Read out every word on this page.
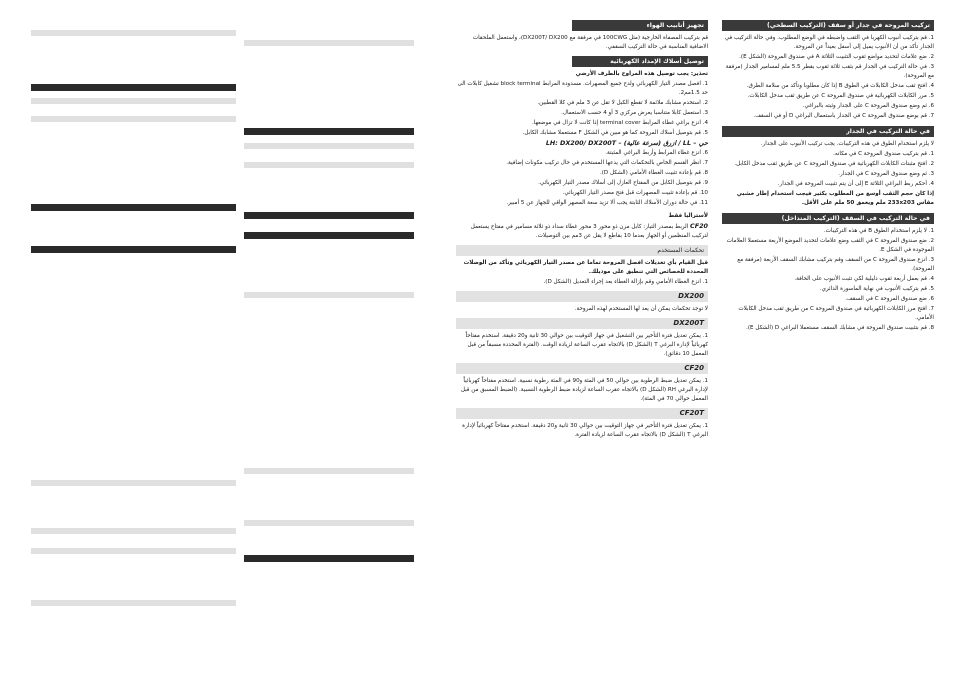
تجهيز أنابيب الهواء
قم بتركيب المصفاة الخارجية (مثل 100CWG في مرفقة مع DX200T/ DX200)، واستعمل الملحقات الاضافية المناسبة في حالة التركيب السقفي.
توصيل أسلاك الإمداد الكهربائية
تحذير: يجب توصيل هذه المراوح بالطرف الأرضي
1. افصل مصدر التيار الكهربائي ولدح جمبع المصهرات. مسدودة المرابط block terminal تشغيل كابلات الى حد 1.5مم2.
2. استخدم مشابك ملائمة لا تقطع الكبل لا تقل عن 3 ملم في كلا القطبين.
3. استعمل كابلا متناسبا يعرض مركزي 3 أو 4 حسب الاستعمال.
4. انزع براغي غطاء المرابط terminal cover إذا كانت لا تزال في موضعها.
5. قم بتوصيل أسلاك المروحة كما هو مبين في الشكل F مستعملا مشابك الكابل.
حي – LL / ازرق (سرعة عالية) – LH: DX200/ DX200T
6. انزع غطاء المرابط وأربط البراغي المثبتة.
7. انظر القسم الخاص بالتحكمات التي يدعها المستخدم في حال تركيب مكونات إضافية.
8. قم بإعادة تثبيت الغطاء الأمامي (الشكل D).
9. قم بتوصيل الكابل من المفتاح العازل إلى أسلاك مصدر التيار الكهربائي.
10. قم بإعادة تثبيت المصهرات قبل فتح مصدر التيار الكهربائي.
11. في حالة دوران الأسلاك الثابتة يجب ألا تزيد سعة المصهر الواقي للجهاز عن 5 أمبير.
لأستراليا فقط
CF20 الربط بمصدر التيار: كابل مرن ذو محور 3 محور غطاء سداد ذو ثلاثة مسامير في مفتاح يستعمل لتركيب المنظمين أو الجهاز بعدما 10 بقاطع لا يقل عن 3مم بين التوصيلات.
تحكمات المستخدم
قبل القيام بأي تعديلات افصل المروحة تماما عن مصدر التيار الكهربائي وتأكد من الوصلات المحددة للخصائص التي تنطبق على موديلك.
1. انزع الغطاء الأمامي وقم بإزالة الغطاء بعد إجراء التعديل (الشكل D).
DX200
لا توجد تحكمات يمكن أن يعد لها المستخدم لهذه المروحة.
DX200T
1. يمكن تعديل فترة التأخير بين التشغيل في جهاز التوقيت بين حوالي 30 ثانية و20 دقيقة. استخدم مفتاحاً كهربائياً لإدارة البرغي T (الشكل D) بالاتجاه عقرب الساعة لزيادة الوقت. (الفترة المحددة مسبقاً من قبل المعمل 10 دقائق).
CF20
1. يمكن تعديل ضبط الرطوبة بين حوالي 50 في المئة و90 في المئة رطوبة نسبية. استخدم مفتاحاً كهربائياً لإدارة البرغي RH (الشكل D) بالاتجاه عقرب الساعة لزيادة ضبط الرطوبة النسبية. (الضبط المسبق من قبل المعمل حوالي 70 في المئة).
CF20T
1. يمكن تعديل فترة التأخير في جهاز التوقيت بين حوالي 30 ثانية و20 دقيقة. استخدم مفتاحاً كهربائياً لإدارة البرغي T (الشكل D) بالاتجاه عقرب الساعة لزيادة الفترة.
تركيب المروحة في جدار أو سقف (التركيب السطحي)
1. قم بتركيب أنبوب الكهربا في الثقب واضبطه في الوضع المطلوب. وفي حالة التركيب في الجدار تأكد من أن الأنبوب يميل إلى أسفل بعيداً عن المروحة.
2. ضع علامات لتحديد مواضع ثقوب التثبيت الثلاثة A في صندوق المروحة (الشكل E).
3. في حالة التركيب في الجدار قم بثقب ثلاثة ثقوب بقطر 5.5 ملم لمسامير الجدار (مرفقة مع المروحة).
4. افتح ثقب مدخل الكابلات في الطوق B إذا كان مطلوبا وتأكد من سلامة الطرق.
5. مرر الكابلات الكهربائية في صندوق المروحة C عن طريق ثقب مدخل الكابلات.
6. ثم وضع صندوق المروحة C على الجدار وثبته بالبراغي.
7. قم بوضع صندوق المروحة C في الجدار باستعمال البراغي D أو في السقف.
في حالة التركيب في الجدار
لا يلزم استخدام الطوق في هذه التركيبات. يجب تركيب الأنبوب على الجدار.
1. قم بتركيب صندوق المروحة C في مكانه.
2. افتح مثبتات الكابلات الكهربائية في صندوق المروحة C عن طريق ثقب مدخل الكابل.
3. ثم وضع صندوق المروحة C في الجدار.
4. أحكم ربط البراغي الثلاثة E إلى أن يتم تثبيت المروحة في الجدار.
إذا كان حجم الثقب أوسع من المطلوب بكثير فيجب استخدام إطار خشبي مقاس 233x203 ملم ويعمق 50 ملم على الأقل.
في حالة التركيب في السقف (التركيب المتداخل)
1. لا يلزم استخدام الطوق B في هذه التركيبات.
2. ضع صندوق المروحة C في الثقب وضع علامات لتحديد الموضع الأربعة مستعملا العلامات الموجودة في الشكل E.
3. انزع صندوق المروحة C من السقف وقم بتركيب مشابك السقف الأربعة (مرفقة مع المروحة).
4. قم بعمل أربعة ثقوب دليلية لكي تثبت الأنبوب على الحافة.
5. قم بتركيب الأنبوب في نهاية الماسورة الدائري.
6. ضع صندوق المروحة C في السقف.
7. افتح مرر الكابلات الكهربائية في صندوق المروحة C من طريق ثقب مدخل الكابلات الأمامي.
8. قم بتثبيت صندوق المروحة في مشابك السقف مستعملا البراغي D (الشكل E).
